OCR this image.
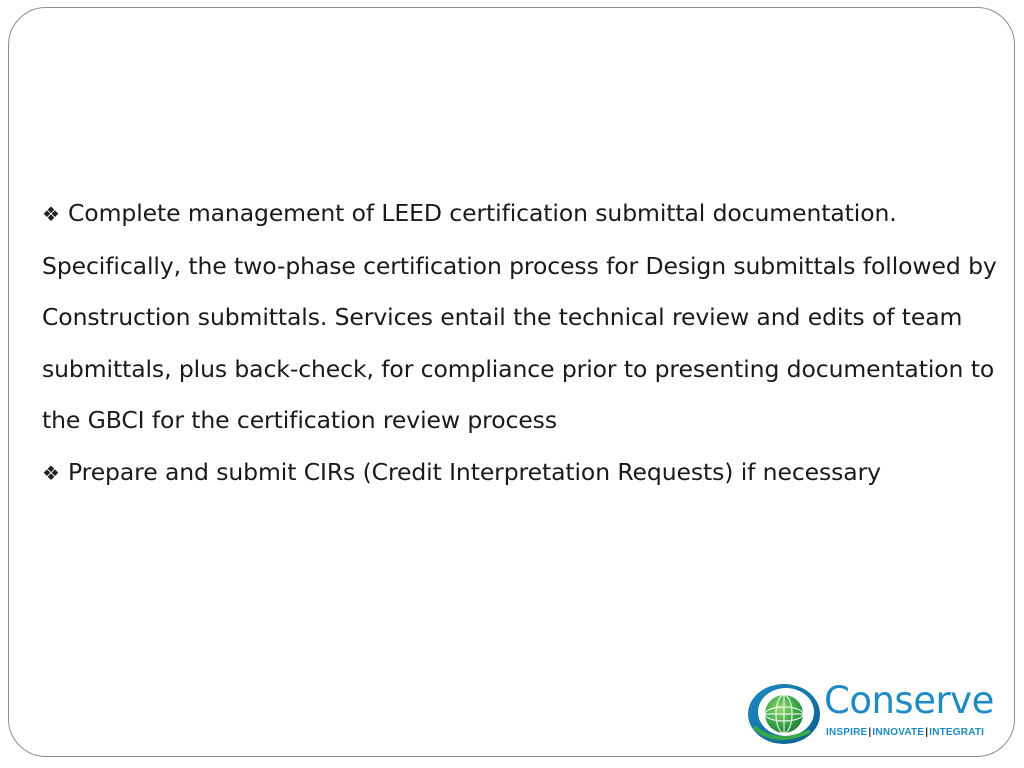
❖ Complete management of LEED certification submittal documentation. Specifically, the two-phase certification process for Design submittals followed by Construction submittals. Services entail the technical review and edits of team submittals, plus back-check, for compliance prior to presenting documentation to the GBCI for the certification review process

❖ Prepare and submit CIRs (Credit Interpretation Requests) if necessary

Conserve
INSPIRE|INNOVATE|INTEGRATI
